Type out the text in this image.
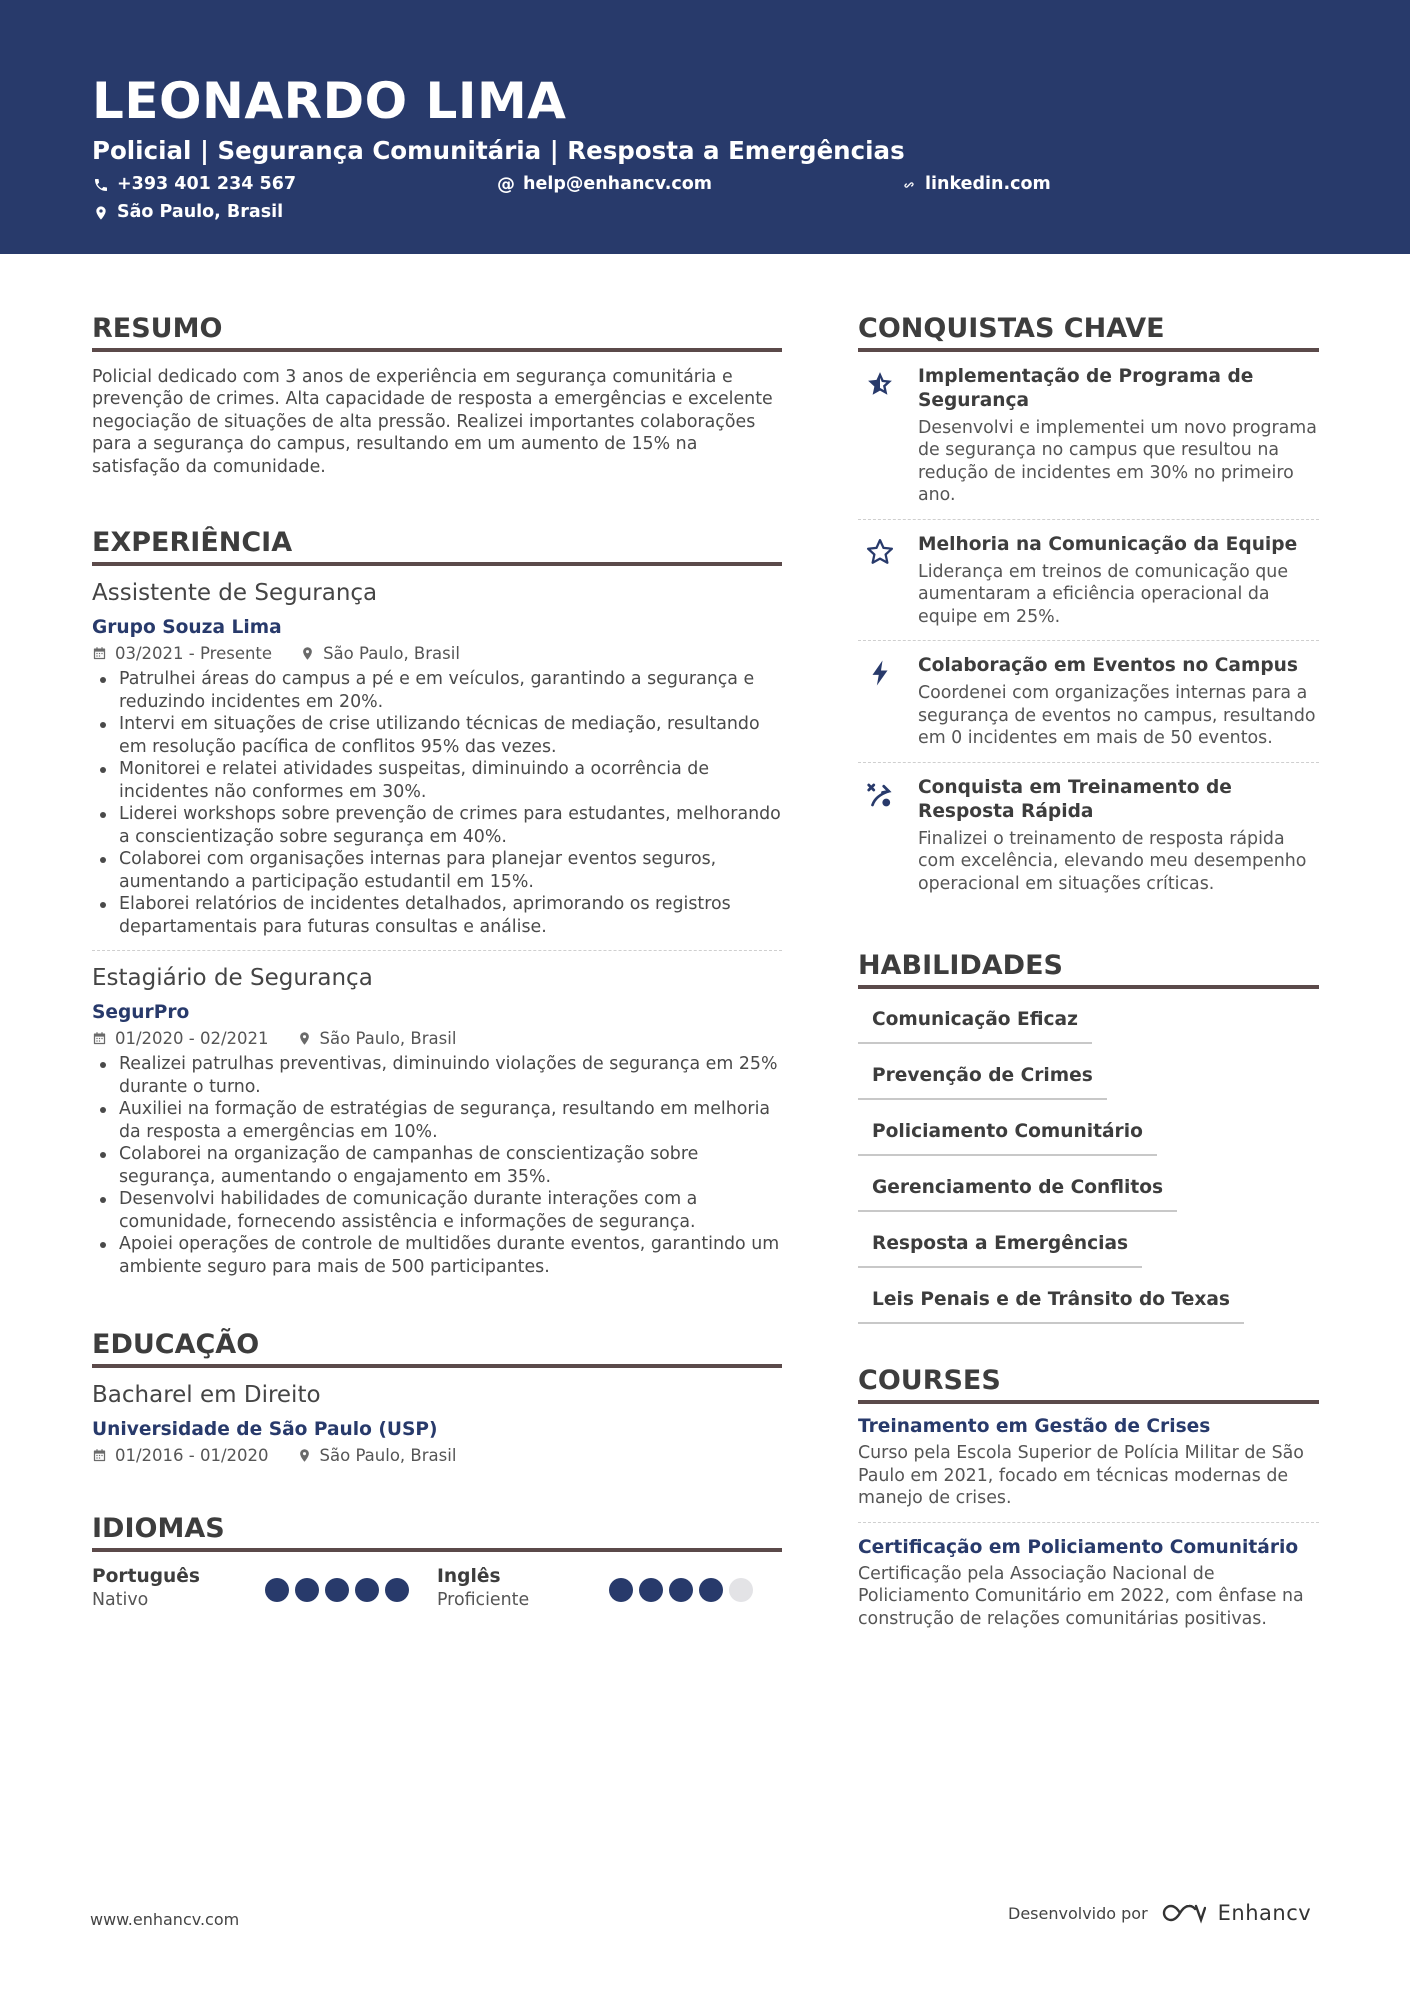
LEONARDO LIMA
Policial | Segurança Comunitária | Resposta a Emergências
+393 401 234 567	@ help@enhancv.com	linkedin.com
São Paulo, Brasil
RESUMO

Policial dedicado com 3 anos de experiência em segurança comunitária e prevenção de crimes. Alta capacidade de resposta a emergências e excelente negociação de situações de alta pressão. Realizei importantes colaborações para a segurança do campus, resultando em um aumento de 15% na satisfação da comunidade.

EXPERIÊNCIA
Assistente de Segurança
Grupo Souza Lima
03/2021 - Presente	São Paulo, Brasil
Patrulhei áreas do campus a pé e em veículos, garantindo a segurança e reduzindo incidentes em 20%.
Intervi em situações de crise utilizando técnicas de mediação, resultando em resolução pacífica de conflitos 95% das vezes.
Monitorei e relatei atividades suspeitas, diminuindo a ocorrência de incidentes não conformes em 30%.
Liderei workshops sobre prevenção de crimes para estudantes, melhorando a conscientização sobre segurança em 40%.
Colaborei com organisações internas para planejar eventos seguros, aumentando a participação estudantil em 15%.
Elaborei relatórios de incidentes detalhados, aprimorando os registros departamentais para futuras consultas e análise.
Estagiário de Segurança
SegurPro
01/2020 - 02/2021	São Paulo, Brasil
Realizei patrulhas preventivas, diminuindo violações de segurança em 25% durante o turno.
Auxiliei na formação de estratégias de segurança, resultando em melhoria da resposta a emergências em 10%.
Colaborei na organização de campanhas de conscientização sobre segurança, aumentando o engajamento em 35%.
Desenvolvi habilidades de comunicação durante interações com a comunidade, fornecendo assistência e informações de segurança.
Apoiei operações de controle de multidões durante eventos, garantindo um ambiente seguro para mais de 500 participantes.
EDUCAÇÃO
Bacharel em Direito
Universidade de São Paulo (USP)
01/2016 - 01/2020	São Paulo, Brasil
IDIOMAS
Português
Nativo
Inglês
Proficiente
CONQUISTAS CHAVE
Implementação de Programa de Segurança
Desenvolvi e implementei um novo programa de segurança no campus que resultou na redução de incidentes em 30% no primeiro ano.
Melhoria na Comunicação da Equipe
Liderança em treinos de comunicação que aumentaram a eficiência operacional da equipe em 25%.
Colaboração em Eventos no Campus
Coordenei com organizações internas para a segurança de eventos no campus, resultando em 0 incidentes em mais de 50 eventos.
Conquista em Treinamento de Resposta Rápida
Finalizei o treinamento de resposta rápida com excelência, elevando meu desempenho operacional em situações críticas.
HABILIDADES
Comunicação Eficaz
Prevenção de Crimes
Policiamento Comunitário
Gerenciamento de Conflitos
Resposta a Emergências
Leis Penais e de Trânsito do Texas
COURSES
Treinamento em Gestão de Crises
Curso pela Escola Superior de Polícia Militar de São Paulo em 2021, focado em técnicas modernas de manejo de crises.
Certificação em Policiamento Comunitário
Certificação pela Associação Nacional de Policiamento Comunitário em 2022, com ênfase na construção de relações comunitárias positivas.
www.enhancv.com	Desenvolvido por	Enhancv
